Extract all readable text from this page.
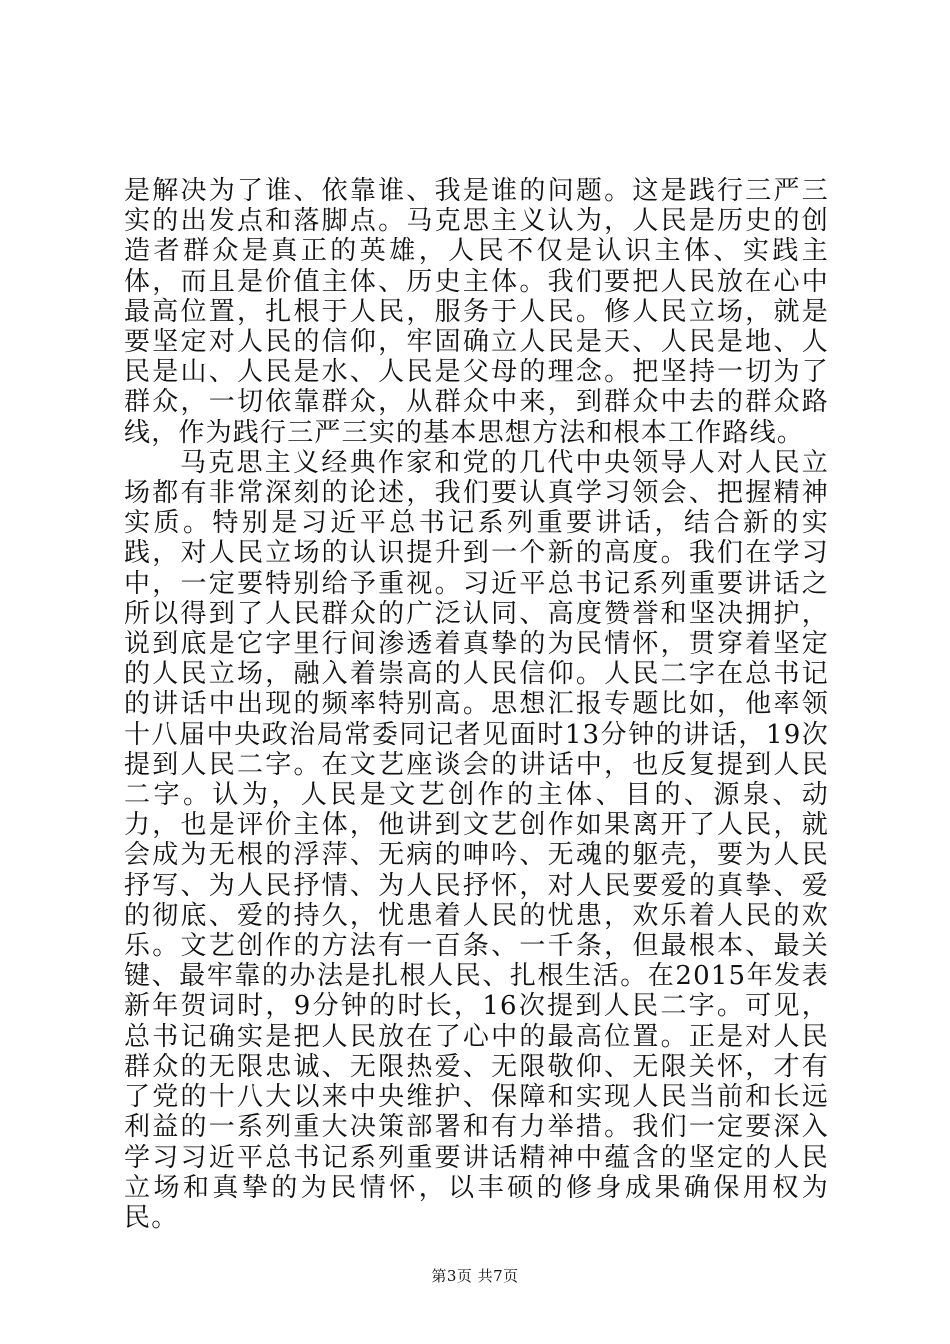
是解决为了谁、依靠谁、我是谁的问题。这是践行三严三实的出发点和落脚点。马克思主义认为，人民是历史的创造者群众是真正的英雄，人民不仅是认识主体、实践主体，而且是价值主体、历史主体。我们要把人民放在心中最高位置，扎根于人民，服务于人民。修人民立场，就是要坚定对人民的信仰，牢固确立人民是天、人民是地、人民是山、人民是水、人民是父母的理念。把坚持一切为了群众，一切依靠群众，从群众中来，到群众中去的群众路线，作为践行三严三实的基本思想方法和根本工作路线。

马克思主义经典作家和党的几代中央领导人对人民立场都有非常深刻的论述，我们要认真学习领会、把握精神实质。特别是习近平总书记系列重要讲话，结合新的实践，对人民立场的认识提升到一个新的高度。我们在学习中，一定要特别给予重视。习近平总书记系列重要讲话之所以得到了人民群众的广泛认同、高度赞誉和坚决拥护，说到底是它字里行间渗透着真挚的为民情怀，贯穿着坚定的人民立场，融入着崇高的人民信仰。人民二字在总书记的讲话中出现的频率特别高。思想汇报专题比如，他率领十八届中央政治局常委同记者见面时13分钟的讲话，19次提到人民二字。在文艺座谈会的讲话中，也反复提到人民二字。认为，人民是文艺创作的主体、目的、源泉、动力，也是评价主体，他讲到文艺创作如果离开了人民，就会成为无根的浮萍、无病的呻吟、无魂的躯壳，要为人民抒写、为人民抒情、为人民抒怀，对人民要爱的真挚、爱的彻底、爱的持久，忧患着人民的忧患，欢乐着人民的欢乐。文艺创作的方法有一百条、一千条，但最根本、最关键、最牢靠的办法是扎根人民、扎根生活。在2015年发表新年贺词时，9分钟的时长，16次提到人民二字。可见，总书记确实是把人民放在了心中的最高位置。正是对人民群众的无限忠诚、无限热爱、无限敬仰、无限关怀，才有了党的十八大以来中央维护、保障和实现人民当前和长远利益的一系列重大决策部署和有力举措。我们一定要深入学习习近平总书记系列重要讲话精神中蕴含的坚定的人民立场和真挚的为民情怀，以丰硕的修身成果确保用权为民。

第3页 共7页
